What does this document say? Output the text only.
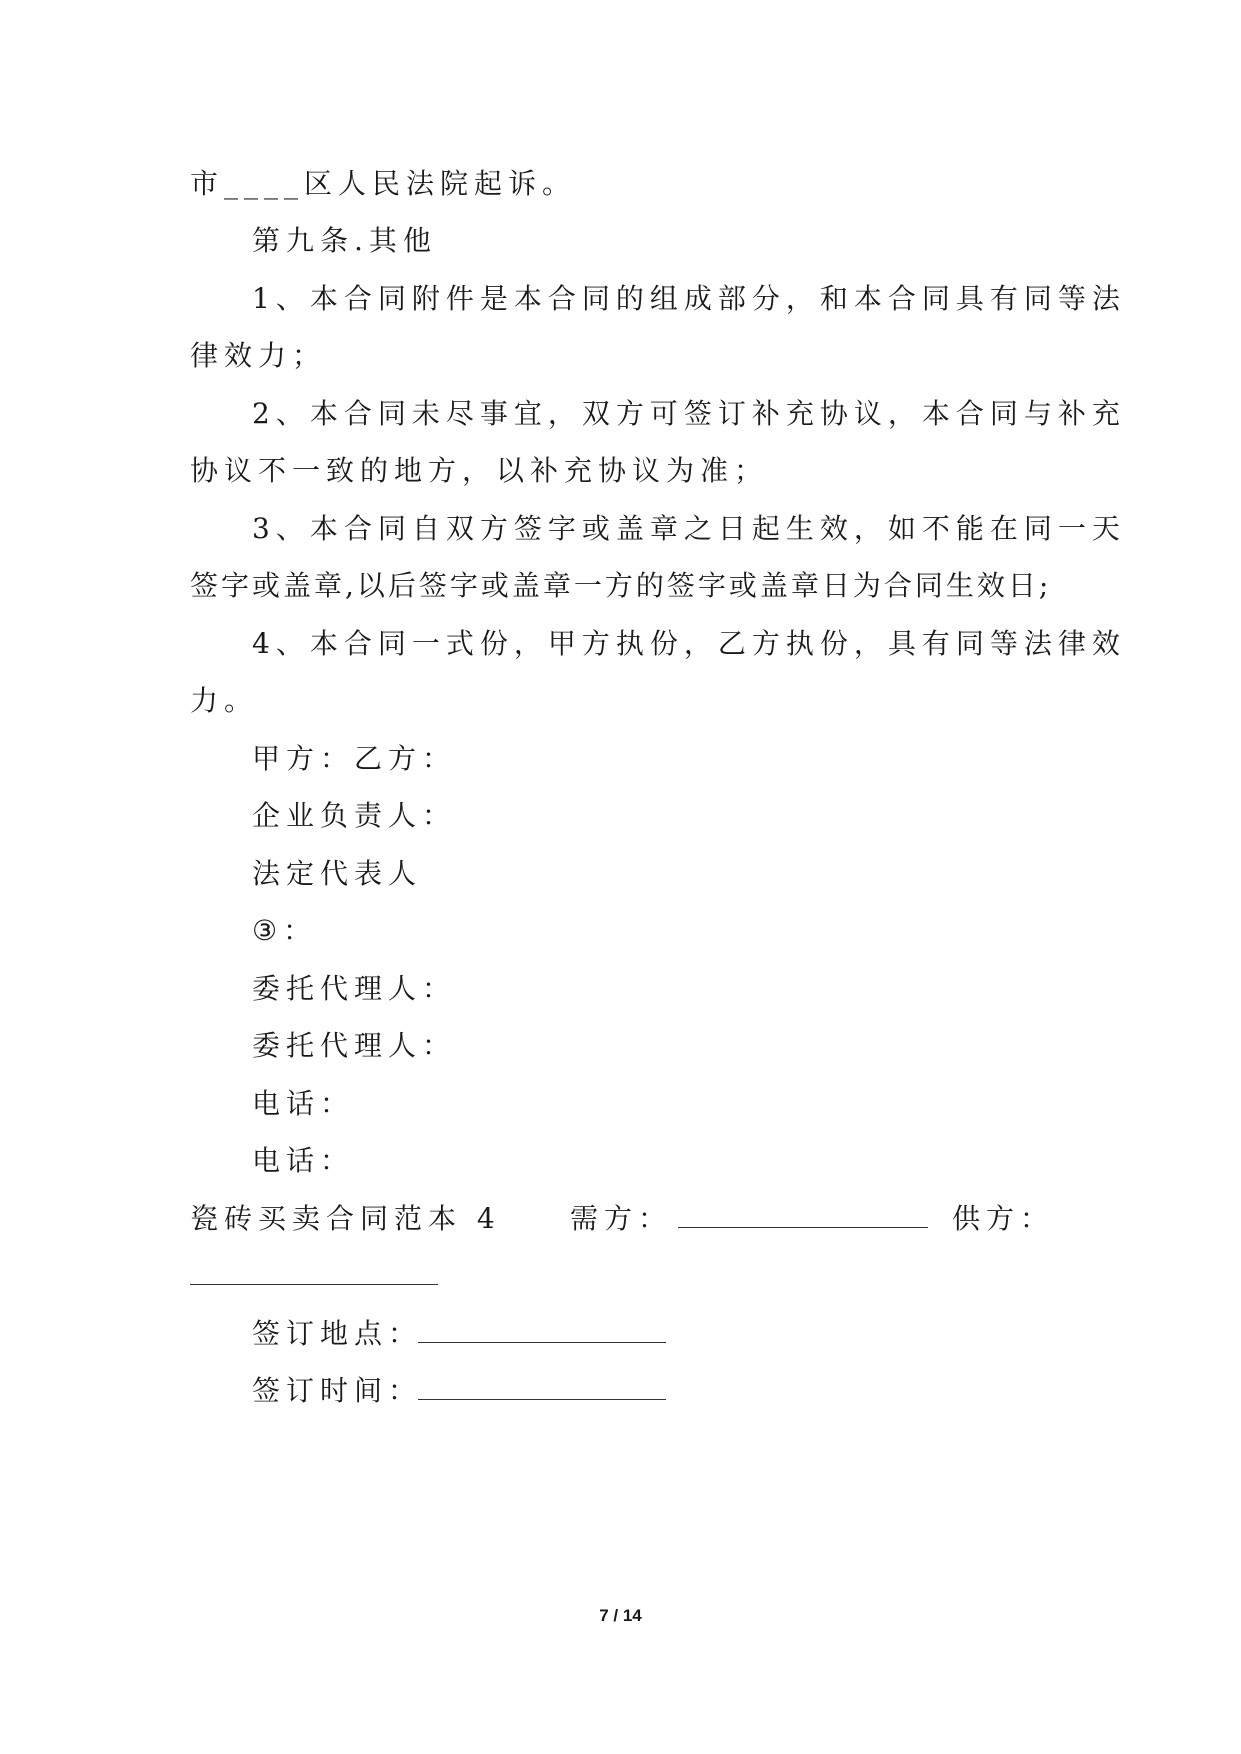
市____区人民法院起诉。
第九条.其他
1、本合同附件是本合同的组成部分，和本合同具有同等法
律效力；
2、本合同未尽事宜，双方可签订补充协议，本合同与补充
协议不一致的地方，以补充协议为准；
3、本合同自双方签字或盖章之日起生效，如不能在同一天
签字或盖章,以后签字或盖章一方的签字或盖章日为合同生效日;
4、本合同一式份，甲方执份，乙方执份，具有同等法律效
力。
甲方：乙方：
企业负责人：
法定代表人
③：
委托代理人：
委托代理人：
电话：
电话：
瓷砖买卖合同范本 4 需方：	供方：
签订地点：
签订时间：
7 / 14
